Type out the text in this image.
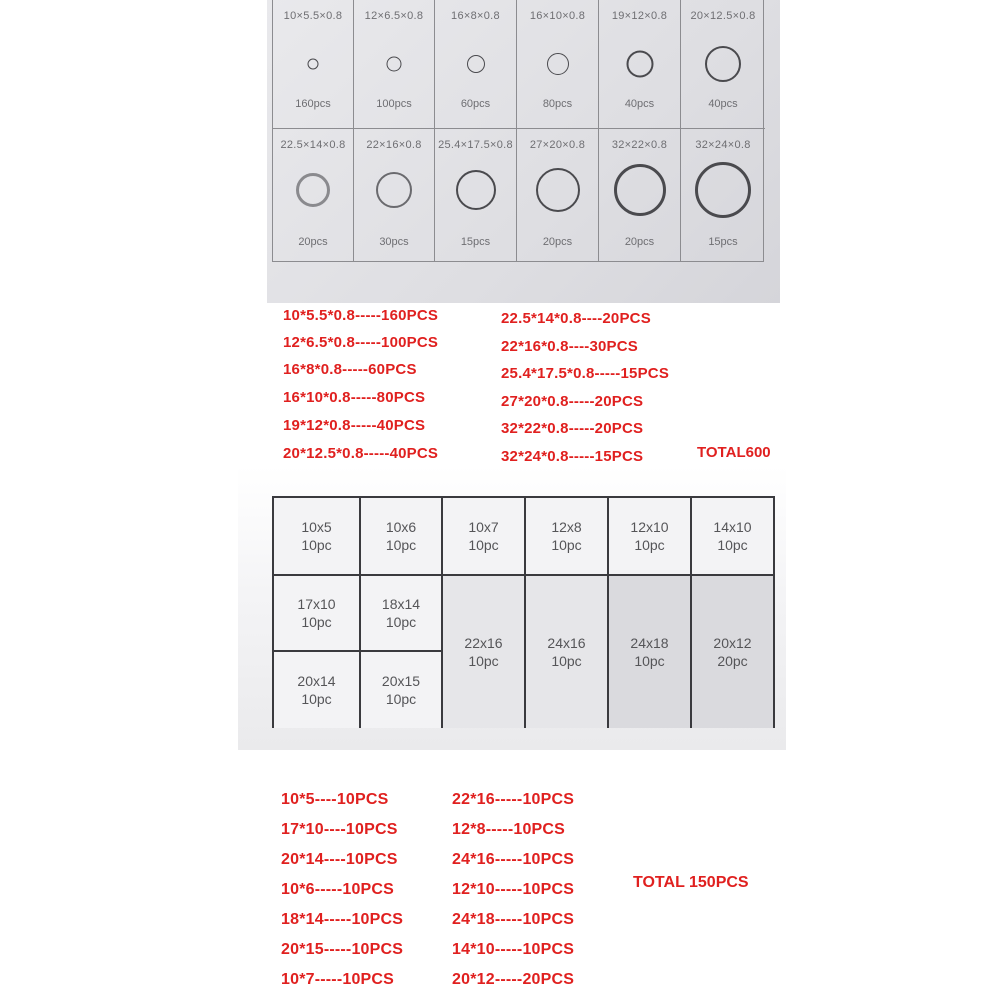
10×5.5×0.8
160pcs
12×6.5×0.8
100pcs
16×8×0.8
60pcs
16×10×0.8
80pcs
19×12×0.8
40pcs
20×12.5×0.8
40pcs
22.5×14×0.8
20pcs
22×16×0.8
30pcs
25.4×17.5×0.8
15pcs
27×20×0.8
20pcs
32×22×0.8
20pcs
32×24×0.8
15pcs
10*5.5*0.8-----160PCS
12*6.5*0.8-----100PCS
16*8*0.8-----60PCS
16*10*0.8-----80PCS
19*12*0.8-----40PCS
20*12.5*0.8-----40PCS
22.5*14*0.8----20PCS
22*16*0.8----30PCS
25.4*17.5*0.8-----15PCS
27*20*0.8-----20PCS
32*22*0.8-----20PCS
32*24*0.8-----15PCS	TOTAL600
10x5
10pc
10x6
10pc
10x7
10pc
12x8
10pc
12x10
10pc
14x10
10pc
17x10
10pc
18x14
10pc
22x16
10pc
24x16
10pc
24x18
10pc
20x12
20pc
20x14
10pc
20x15
10pc
10*5----10PCS
17*10----10PCS
20*14----10PCS
10*6-----10PCS
18*14-----10PCS
20*15-----10PCS
10*7-----10PCS
22*16-----10PCS
12*8-----10PCS
24*16-----10PCS
12*10-----10PCS
24*18-----10PCS
14*10-----10PCS
20*12-----20PCS
TOTAL 150PCS
